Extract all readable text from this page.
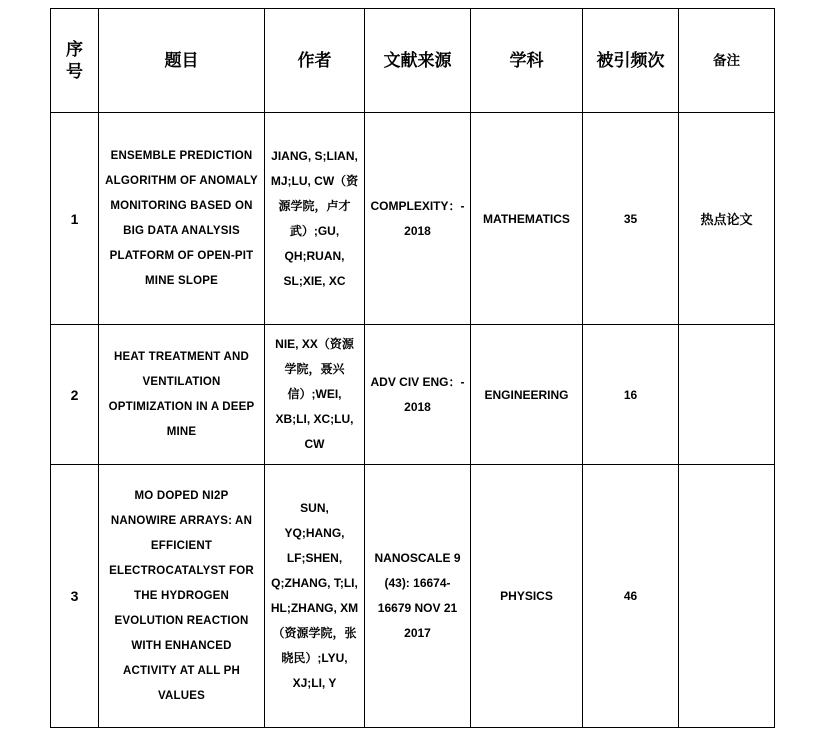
序号	题目	作者	文献来源	学科	被引频次	备注
1	ENSEMBLE PREDICTION ALGORITHM OF ANOMALY MONITORING BASED ON BIG DATA ANALYSIS PLATFORM OF OPEN-PIT MINE SLOPE	JIANG, S;LIAN, MJ;LU, CW（资源学院，卢才武）;GU, QH;RUAN, SL;XIE, XC	COMPLEXITY：- 2018	MATHEMATICS	35	热点论文
2	HEAT TREATMENT AND VENTILATION OPTIMIZATION IN A DEEP MINE	NIE, XX（资源学院，聂兴信）;WEI, XB;LI, XC;LU, CW	ADV CIV ENG：- 2018	ENGINEERING	16	
3	MO DOPED NI2P NANOWIRE ARRAYS: AN EFFICIENT ELECTROCATALYST FOR THE HYDROGEN EVOLUTION REACTION WITH ENHANCED ACTIVITY AT ALL PH VALUES	SUN, YQ;HANG, LF;SHEN, Q;ZHANG, T;LI, HL;ZHANG, XM（资源学院，张晓民）;LYU, XJ;LI, Y	NANOSCALE 9 (43): 16674-16679 NOV 21 2017	PHYSICS	46	
